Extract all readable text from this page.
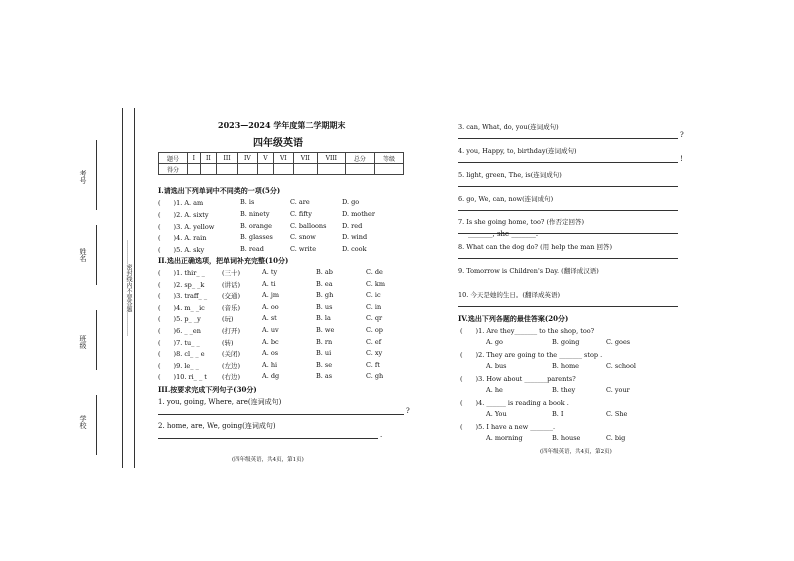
…………密封线内不要答题…………
考号
姓名
班级
学校
2023—2024 学年度第二学期期末
四年级英语
题号	I	II	III	IV	V	VI	VII	VIII	总分	等级
得分										
I.请选出下列单词中不同类的一项(5分)
(　　)1. A. am	B. is	C. are	D. go
(　　)2. A. sixty	B. ninety	C. fifty	D. mother
(　　)3. A. yellow	B. orange	C. balloons D. red
(　　)4. A. rain	B. glasses	C. snow	D. wind
(　　)5. A. sky	B. read	C. write	D. cook
II.选出正确选项，把单词补充完整(10分)
(　　)1. thir_ _	(三十)	A. ty	B. ab	C. de
(　　)2. sp_ _k	(讲话)	A. ti	B. ea	C. km
(　　)3. traff_ _ (交通)	A. jm	B. gh	C. ic
(　　)4. m_ _ic	(音乐)	A. oo	B. us	C. in
(　　)5. p_ _y	(玩)	A. st	B. la	C. qr
(　　)6. _ _en	(打开)	A. uv	B. we	C. op
(　　)7. tu_ _	(转)	A. bc	B. rn	C. ef
(　　)8. cl_ _ e	(关闭)	A. os	B. ui	C. xy
(　　)9. le_ _	(左边)	A. hi	B. se	C. ft
(　　)10. ri_ _ t (右边)	A. dg	B. as	C. gh
III.按要求完成下列句子(30分)
1. you, going, Where, are(连词成句)
?
2. home, are, We, going(连词成句)
.
(四年级英语，共4页，第1页)
3. can, What, do, you(连词成句)
?
4. you, Happy, to, birthday(连词成句)
!
5. light, green, The, is(连词成句)
6. go, We, can, now(连词成句)
7. Is she going home, too? (作否定回答)
8. What can the dog do? (用 help the man 回答)
9. Tomorrow is Children's Day. (翻译成汉语)
10. 今天是她的生日。(翻译成英语)
_______, she _______.
IV.选出下列各题的最佳答案(20分)
(　　)1. Are they_______ to the shop, too?
A. go	B. going	C. goes
(　　)2. They are going to the _______ stop .
A. bus	B. home	C. school
(　　)3. How about _______parents?
A. he	B. they	C. your
(　　)4. ______ is reading a book .
A. You	B. I	C. She
(　　)5. I have a new _______.
A. morning	B. house	C. big
(四年级英语，共4页，第2页)
